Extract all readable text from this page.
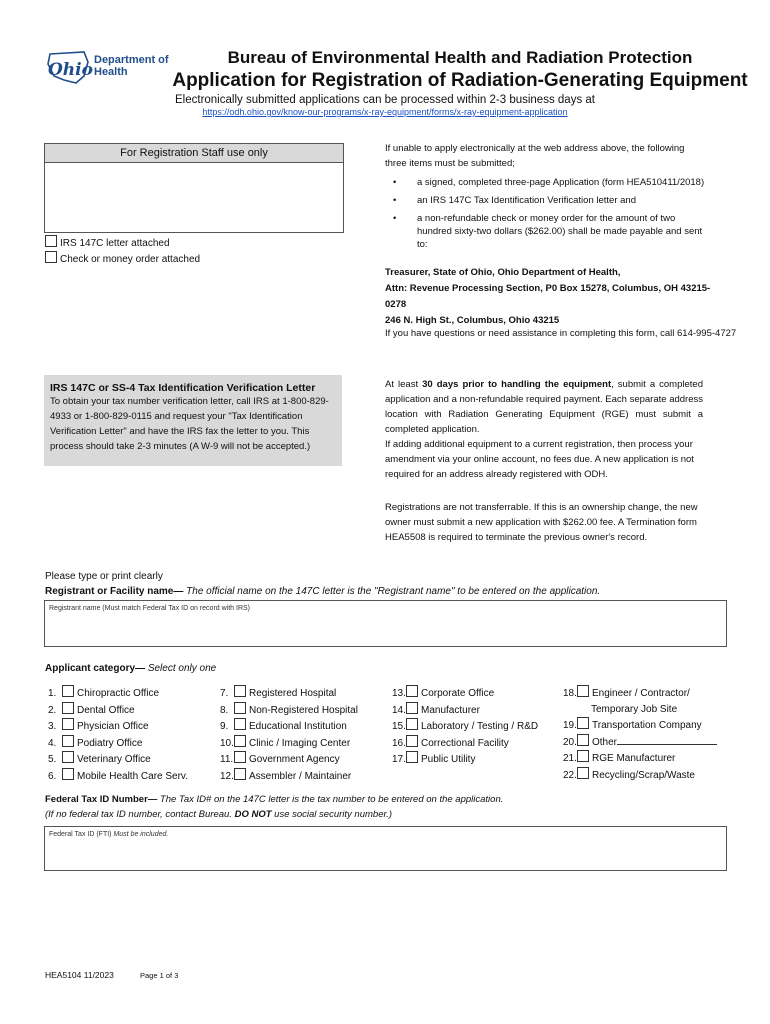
Ohio Department of
Health
Bureau of Environmental Health and Radiation Protection
Application for Registration of Radiation-Generating Equipment
Electronically submitted applications can be processed within 2-3 business days at
https://odh.ohio.gov/know-our-programs/x-ray-equipment/forms/x-ray-equipment-application
For Registration Staff use only
IRS 147C letter attached
Check or money order attached
If unable to apply electronically at the web address above, the following three items must be submitted;
• a signed, completed three-page Application (form HEA510411/2018)
• an IRS 147C Tax Identification Verification letter and
• a non-refundable check or money order for the amount of two hundred sixty-two dollars ($262.00) shall be made payable and sent to:
Treasurer, State of Ohio, Ohio Department of Health,
Attn: Revenue Processing Section, P0 Box 15278, Columbus, OH 43215-0278
246 N. High St., Columbus, Ohio 43215
If you have questions or need assistance in completing this form, call 614-995-4727
IRS 147C or SS-4 Tax Identification Verification Letter
To obtain your tax number verification letter, call IRS at 1-800-829-4933 or 1-800-829-0115 and request your "Tax Identification Verification Letter" and have the IRS fax the letter to you. This process should take 2-3 minutes (A W-9 will not be accepted.)
At least 30 days prior to handling the equipment, submit a completed application and a non-refundable required payment. Each separate address location with Radiation Generating Equipment (RGE) must submit a completed application.
If adding additional equipment to a current registration, then process your amendment via your online account, no fees due. A new application is not required for an address already registered with ODH.
Registrations are not transferrable. If this is an ownership change, the new owner must submit a new application with $262.00 fee. A Termination form HEA5508 is required to terminate the previous owner's record.
Please type or print clearly
Registrant or Facility name— The official name on the 147C letter is the "Registrant name" to be entered on the application.
Registrant name (Must match Federal Tax ID on record with IRS)
Applicant category— Select only one
1. Chiropractic Office
2. Dental Office
3. Physician Office
4. Podiatry Office
5. Veterinary Office
6. Mobile Health Care Serv.
7. Registered Hospital
8. Non-Registered Hospital
9. Educational Institution
10. Clinic / Imaging Center
11. Government Agency
12. Assembler / Maintainer
13. Corporate Office
14. Manufacturer
15. Laboratory / Testing / R&D
16. Correctional Facility
17. Public Utility
18. Engineer / Contractor/
Temporary Job Site
19. Transportation Company
20. Other
21. RGE Manufacturer
22. Recycling/Scrap/Waste
Federal Tax ID Number— The Tax ID# on the 147C letter is the tax number to be entered on the application.
(If no federal tax ID number, contact Bureau. DO NOT use social security number.)
Federal Tax ID (FTI) Must be included.
HEA5104 11/2023	Page 1 of 3
